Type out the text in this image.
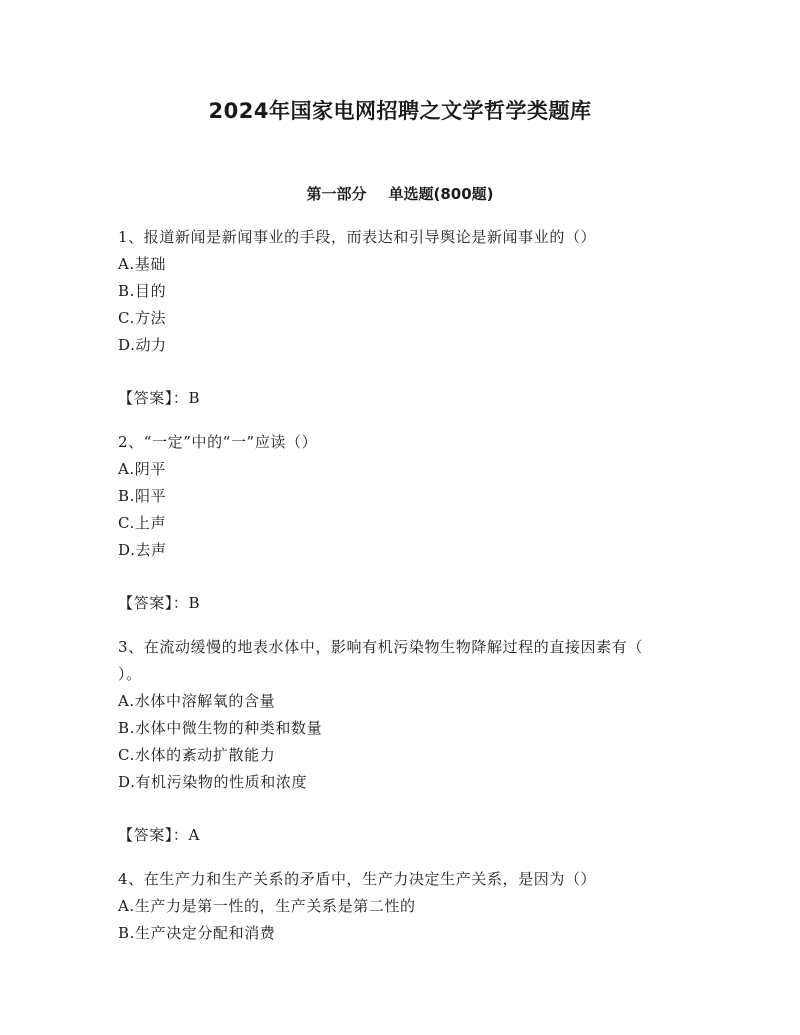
2024年国家电网招聘之文学哲学类题库
第一部分 单选题(800题)
1、报道新闻是新闻事业的手段，而表达和引导舆论是新闻事业的（）
A.基础
B.目的
C.方法
D.动力
【答案】：B
2、“一定”中的“一”应读（）
A.阴平
B.阳平
C.上声
D.去声
【答案】：B
3、在流动缓慢的地表水体中，影响有机污染物生物降解过程的直接因素有（　　）。
A.水体中溶解氧的含量
B.水体中微生物的种类和数量
C.水体的紊动扩散能力
D.有机污染物的性质和浓度
【答案】：A
4、在生产力和生产关系的矛盾中，生产力决定生产关系，是因为（）
A.生产力是第一性的，生产关系是第二性的
B.生产决定分配和消费
